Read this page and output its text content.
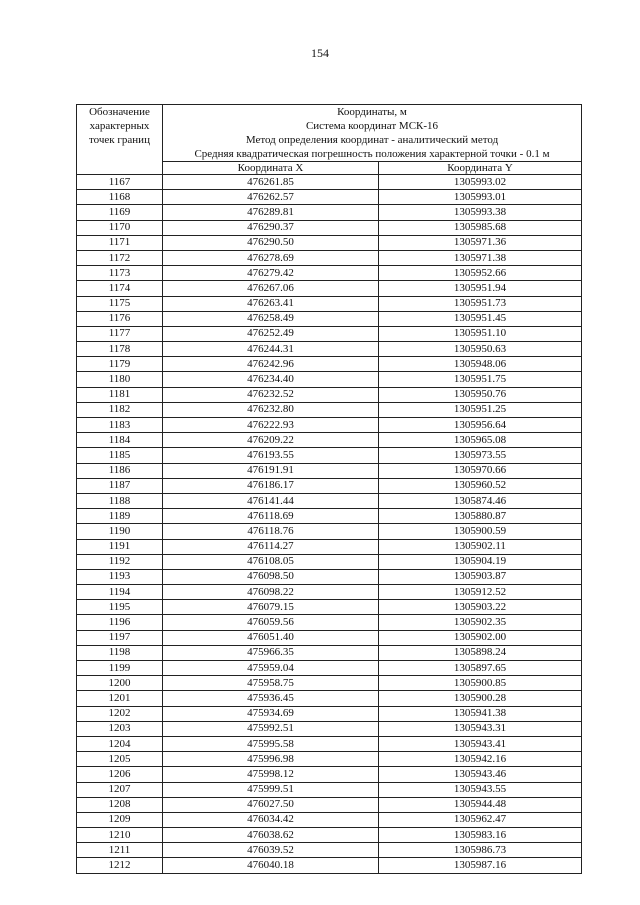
154
Обозначение
характерных
точек границ	Координаты, м
Система координат МСК-16
Метод определения координат - аналитический метод
Средняя квадратическая погрешность положения характерной точки - 0.1 м	

	Координата X	Координата Y
1167	476261.85	1305993.02
1168	476262.57	1305993.01
1169	476289.81	1305993.38
1170	476290.37	1305985.68
1171	476290.50	1305971.36
1172	476278.69	1305971.38
1173	476279.42	1305952.66
1174	476267.06	1305951.94
1175	476263.41	1305951.73
1176	476258.49	1305951.45
1177	476252.49	1305951.10
1178	476244.31	1305950.63
1179	476242.96	1305948.06
1180	476234.40	1305951.75
1181	476232.52	1305950.76
1182	476232.80	1305951.25
1183	476222.93	1305956.64
1184	476209.22	1305965.08
1185	476193.55	1305973.55
1186	476191.91	1305970.66
1187	476186.17	1305960.52
1188	476141.44	1305874.46
1189	476118.69	1305880.87
1190	476118.76	1305900.59
1191	476114.27	1305902.11
1192	476108.05	1305904.19
1193	476098.50	1305903.87
1194	476098.22	1305912.52
1195	476079.15	1305903.22
1196	476059.56	1305902.35
1197	476051.40	1305902.00
1198	475966.35	1305898.24
1199	475959.04	1305897.65
1200	475958.75	1305900.85
1201	475936.45	1305900.28
1202	475934.69	1305941.38
1203	475992.51	1305943.31
1204	475995.58	1305943.41
1205	475996.98	1305942.16
1206	475998.12	1305943.46
1207	475999.51	1305943.55
1208	476027.50	1305944.48
1209	476034.42	1305962.47
1210	476038.62	1305983.16
1211	476039.52	1305986.73
1212	476040.18	1305987.16
